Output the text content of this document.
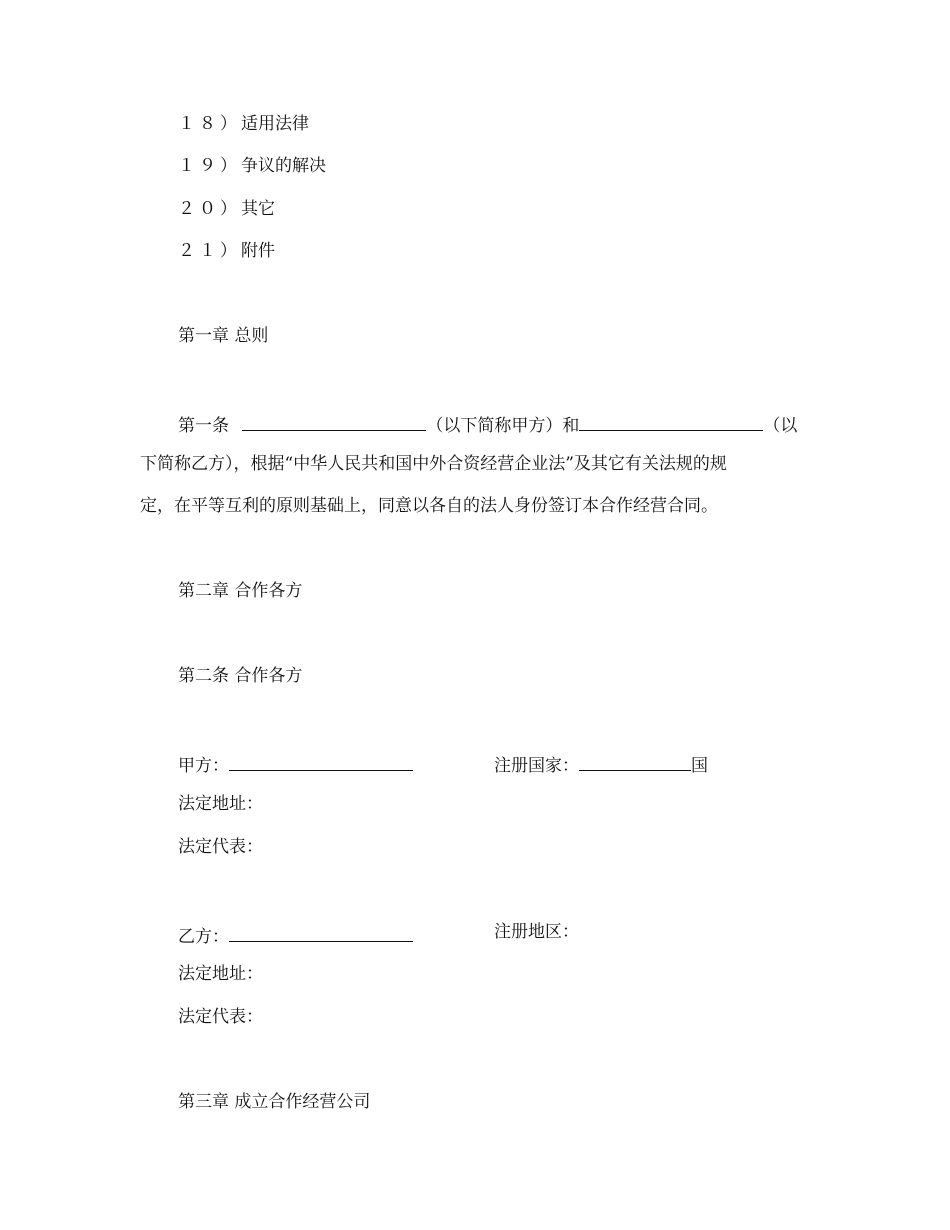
１８）适用法律
１９）争议的解决
２０）其它
２１）附件
第一章 总则
第一条	（以下简称甲方）和	（以
下简称乙方），根据“中华人民共和国中外合资经营企业法”及其它有关法规的规
定，在平等互利的原则基础上，同意以各自的法人身份签订本合作经营合同。
第二章 合作各方
第二条 合作各方
甲方：	注册国家：	国
法定地址：
法定代表：
乙方：	注册地区：
法定地址：
法定代表：
第三章 成立合作经营公司
